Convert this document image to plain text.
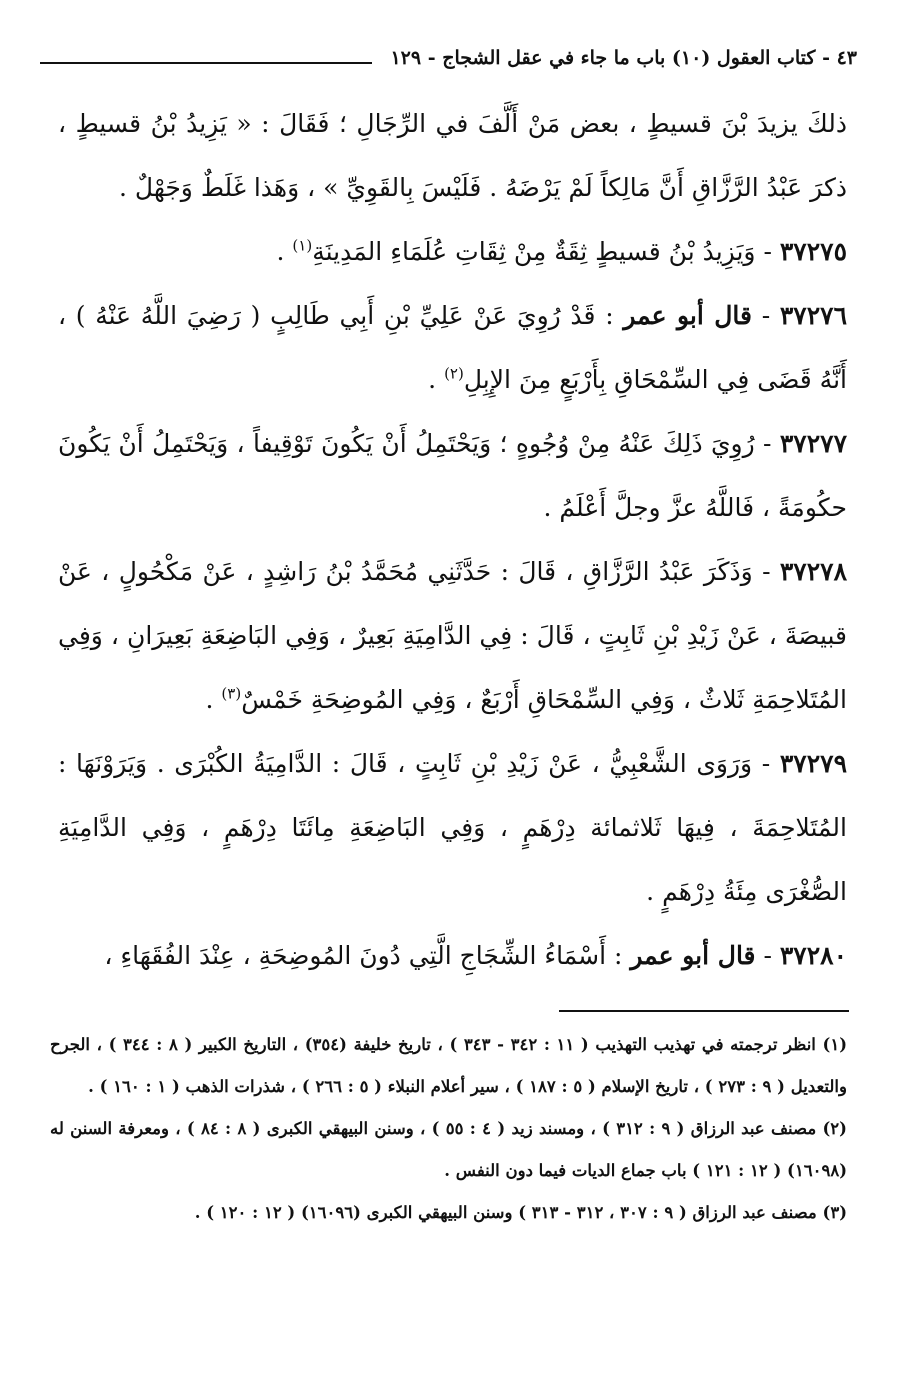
٤٣ - كتاب العقول (١٠) باب ما جاء في عقل الشجاج - ١٢٩

ذلكَ يزيدَ بْنَ قسيطٍ ، بعض مَنْ أَلَّفَ في الرِّجَالِ ؛ فَقَالَ : « يَزِيدُ بْنُ قسيطٍ ، ذكرَ عَبْدُ الرَّزَّاقِ أَنَّ مَالِكاً لَمْ يَرْضَهُ . فَلَيْسَ بِالقَوِيِّ » ، وَهَذا غَلَطٌ وَجَهْلٌ .

٣٧٢٧٥ - وَيَزِيدُ بْنُ قسيطٍ ثِقَةٌ مِنْ ثِقَاتِ عُلَمَاءِ المَدِينَةِ$^{(١)}$ .

٣٧٢٧٦ - قال أبو عمر : قَدْ رُوِيَ عَنْ عَلِيِّ بْنِ أَبِي طَالِبٍ ( رَضِيَ اللَّهُ عَنْهُ ) ، أَنَّهُ قَضَى فِي السِّمْحَاقِ بِأَرْبَعٍ مِنَ الإِبِلِ$^{(٢)}$ .

٣٧٢٧٧ - رُوِيَ ذَلِكَ عَنْهُ مِنْ وُجُوهٍ ؛ وَيَحْتَمِلُ أَنْ يَكُونَ تَوْقِيفاً ، وَيَحْتَمِلُ أَنْ يَكُونَ حكُومَةً ، فَاللَّهُ عزَّ وجلَّ أَعْلَمُ .

٣٧٢٧٨ - وَذَكَرَ عَبْدُ الرَّزَّاقِ ، قَالَ : حَدَّثَنِي مُحَمَّدُ بْنُ رَاشِدٍ ، عَنْ مَكْحُولٍ ، عَنْ قبيصَةَ ، عَنْ زَيْدِ بْنِ ثَابِتٍ ، قَالَ : فِي الدَّامِيَةِ بَعِيرٌ ، وَفِي البَاضِعَةِ بَعِيرَانِ ، وَفِي المُتَلاحِمَةِ ثَلاثٌ ، وَفِي السِّمْحَاقِ أَرْبَعٌ ، وَفِي المُوضِحَةِ خَمْسٌ$^{(٣)}$ .

٣٧٢٧٩ - وَرَوَى الشَّعْبِيُّ ، عَنْ زَيْدِ بْنِ ثَابِتٍ ، قَالَ : الدَّامِيَةُ الكُبْرَى . وَيَرَوْنَهَا : المُتَلاحِمَةَ ، فِيهَا ثَلاثمائة دِرْهَمٍ ، وَفِي البَاضِعَةِ مِائَتَا دِرْهَمٍ ، وَفِي الدَّامِيَةِ الصُّغْرَى مِئَةُ دِرْهَمٍ .

٣٧٢٨٠ - قال أبو عمر : أَسْمَاءُ الشِّجَاجِ الَّتِي دُونَ المُوضِحَةِ ، عِنْدَ الفُقَهَاءِ ،

(١) انظر ترجمته في تهذيب التهذيب ( ١١ : ٣٤٢ - ٣٤٣ ) ، تاريخ خليفة (٣٥٤) ، التاريخ الكبير ( ٨ : ٣٤٤ ) ، الجرح والتعديل ( ٩ : ٢٧٣ ) ، تاريخ الإسلام ( ٥ : ١٨٧ ) ، سير أعلام النبلاء ( ٥ : ٢٦٦ ) ، شذرات الذهب ( ١ : ١٦٠ ) .

(٢) مصنف عبد الرزاق ( ٩ : ٣١٢ ) ، ومسند زيد ( ٤ : ٥٥ ) ، وسنن البيهقي الكبرى ( ٨ : ٨٤ ) ، ومعرفة السنن له (١٦٠٩٨) ( ١٢ : ١٢١ ) باب جماع الديات فيما دون النفس .

(٣) مصنف عبد الرزاق ( ٩ : ٣٠٧ ، ٣١٢ - ٣١٣ ) وسنن البيهقي الكبرى (١٦٠٩٦) ( ١٢ : ١٢٠ ) .
